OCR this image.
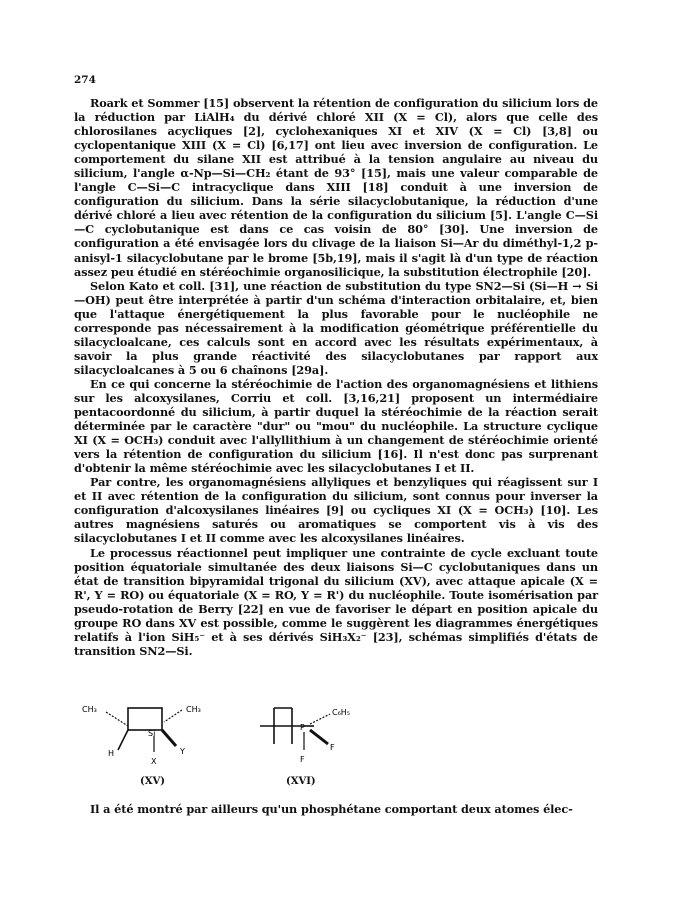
274

Roark et Sommer [15] observent la rétention de configuration du silicium lors de la réduction par LiAlH₄ du dérivé chloré XII (X = Cl), alors que celle des chlorosilanes acycliques [2], cyclohexaniques XI et XIV (X = Cl) [3,8] ou cyclopentanique XIII (X = Cl) [6,17] ont lieu avec inversion de configuration. Le comportement du silane XII est attribué à la tension angulaire au niveau du silicium, l'angle α-Np—Si—CH₂ étant de 93° [15], mais une valeur comparable de l'angle C—Si—C intracyclique dans XIII [18] conduit à une inversion de configuration du silicium. Dans la série silacyclobutanique, la réduction d'une dérivé chloré a lieu avec rétention de la configuration du silicium [5]. L'angle C—Si—C cyclobutanique est dans ce cas voisin de 80° [30]. Une inversion de configuration a été envisagée lors du clivage de la liaison Si—Ar du diméthyl-1,2 p-anisyl-1 silacyclobutane par le brome [5b,19], mais il s'agit là d'un type de réaction assez peu étudié en stéréochimie organosilicique, la substitution électrophile [20].

Selon Kato et coll. [31], une réaction de substitution du type SN2—Si (Si—H → Si—OH) peut être interprétée à partir d'un schéma d'interaction orbitalaire, et, bien que l'attaque énergétiquement la plus favorable pour le nucléophile ne corresponde pas nécessairement à la modification géométrique préférentielle du silacycloalcane, ces calculs sont en accord avec les résultats expérimentaux, à savoir la plus grande réactivité des silacyclobutanes par rapport aux silacycloalcanes à 5 ou 6 chaînons [29a].

En ce qui concerne la stéréochimie de l'action des organomagnésiens et lithiens sur les alcoxysilanes, Corriu et coll. [3,16,21] proposent un intermédiaire pentacoordonné du silicium, à partir duquel la stéréochimie de la réaction serait déterminée par le caractère "dur" ou "mou" du nucléophile. La structure cyclique XI (X = OCH₃) conduit avec l'allyllithium à un changement de stéréochimie orienté vers la rétention de configuration du silicium [16]. Il n'est donc pas surprenant d'obtenir la même stéréochimie avec les silacyclobutanes I et II.

Par contre, les organomagnésiens allyliques et benzyliques qui réagissent sur I et II avec rétention de la configuration du silicium, sont connus pour inverser la configuration d'alcoxysilanes linéaires [9] ou cycliques XI (X = OCH₃) [10]. Les autres magnésiens saturés ou aromatiques se comportent vis à vis des silacyclobutanes I et II comme avec les alcoxysilanes linéaires.

Le processus réactionnel peut impliquer une contrainte de cycle excluant toute position équatoriale simultanée des deux liaisons Si—C cyclobutaniques dans un état de transition bipyramidal trigonal du silicium (XV), avec attaque apicale (X = R', Y = RO) ou équatoriale (X = RO, Y = R') du nucléophile. Toute isomérisation par pseudo-rotation de Berry [22] en vue de favoriser le départ en position apicale du groupe RO dans XV est possible, comme le suggèrent les diagrammes énergétiques relatifs à l'ion SiH₅⁻ et à ses dérivés SiH₃X₂⁻ [23], schémas simplifiés d'états de transition SN2—Si.

CH₃	CH₃
Si
H	Y
X
(XV)
P
C₆H₅
F
F
(XVI)
Il a été montré par ailleurs qu'un phosphétane comportant deux atomes élec-
